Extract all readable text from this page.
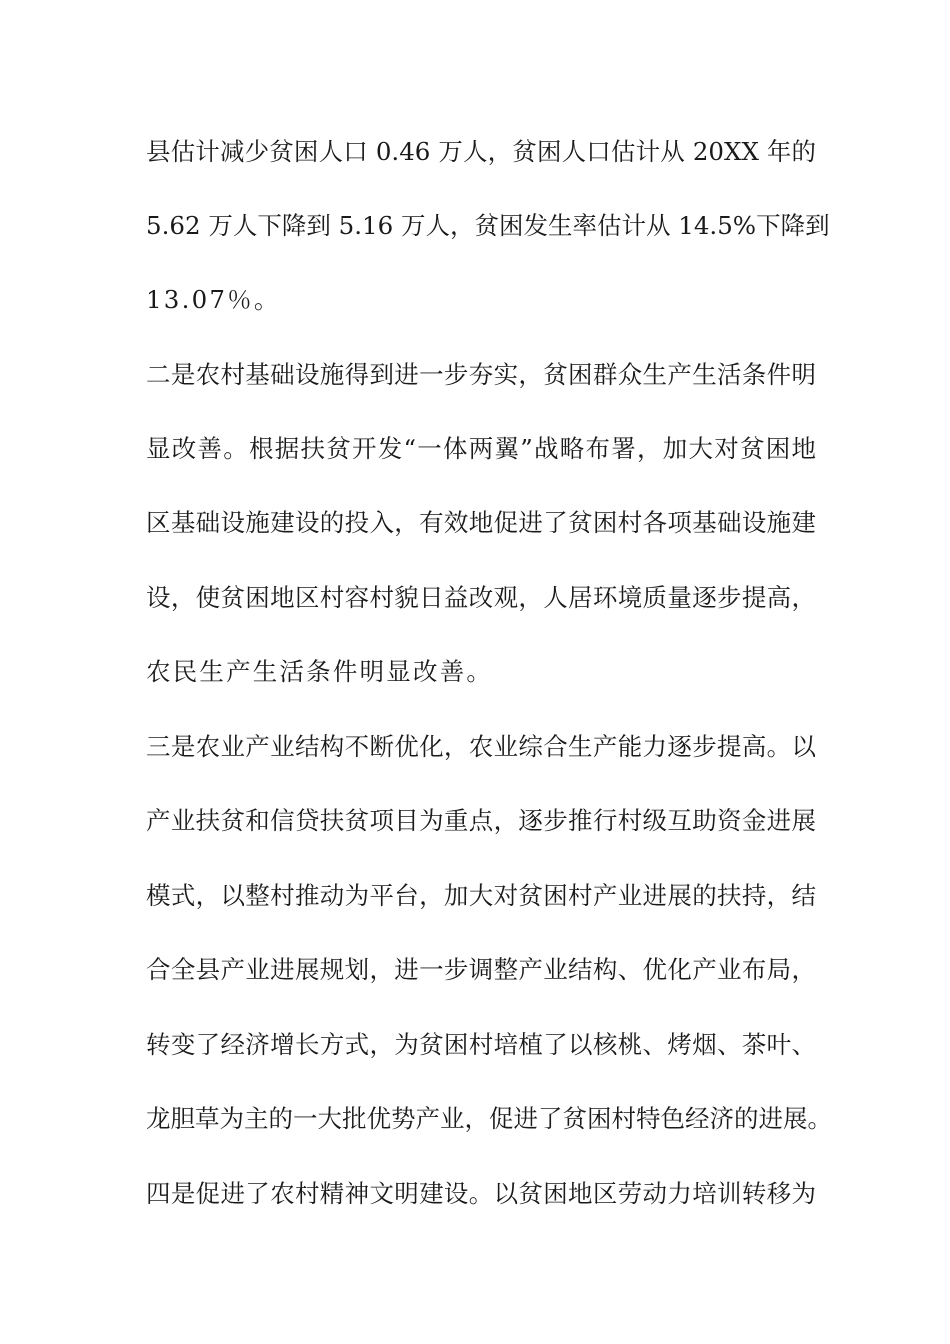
县估计减少贫困人口 0.46 万人，贫困人口估计从 20XX 年的
5.62 万人下降到 5.16 万人，贫困发生率估计从 14.5%下降到
13.07％。
二是农村基础设施得到进一步夯实，贫困群众生产生活条件明
显改善。根据扶贫开发“一体两翼”战略布署，加大对贫困地
区基础设施建设的投入，有效地促进了贫困村各项基础设施建
设，使贫困地区村容村貌日益改观，人居环境质量逐步提高，
农民生产生活条件明显改善。
三是农业产业结构不断优化，农业综合生产能力逐步提高。以
产业扶贫和信贷扶贫项目为重点，逐步推行村级互助资金进展
模式，以整村推动为平台，加大对贫困村产业进展的扶持，结
合全县产业进展规划，进一步调整产业结构、优化产业布局，
转变了经济增长方式，为贫困村培植了以核桃、烤烟、茶叶、
龙胆草为主的一大批优势产业，促进了贫困村特色经济的进展。
四是促进了农村精神文明建设。以贫困地区劳动力培训转移为
